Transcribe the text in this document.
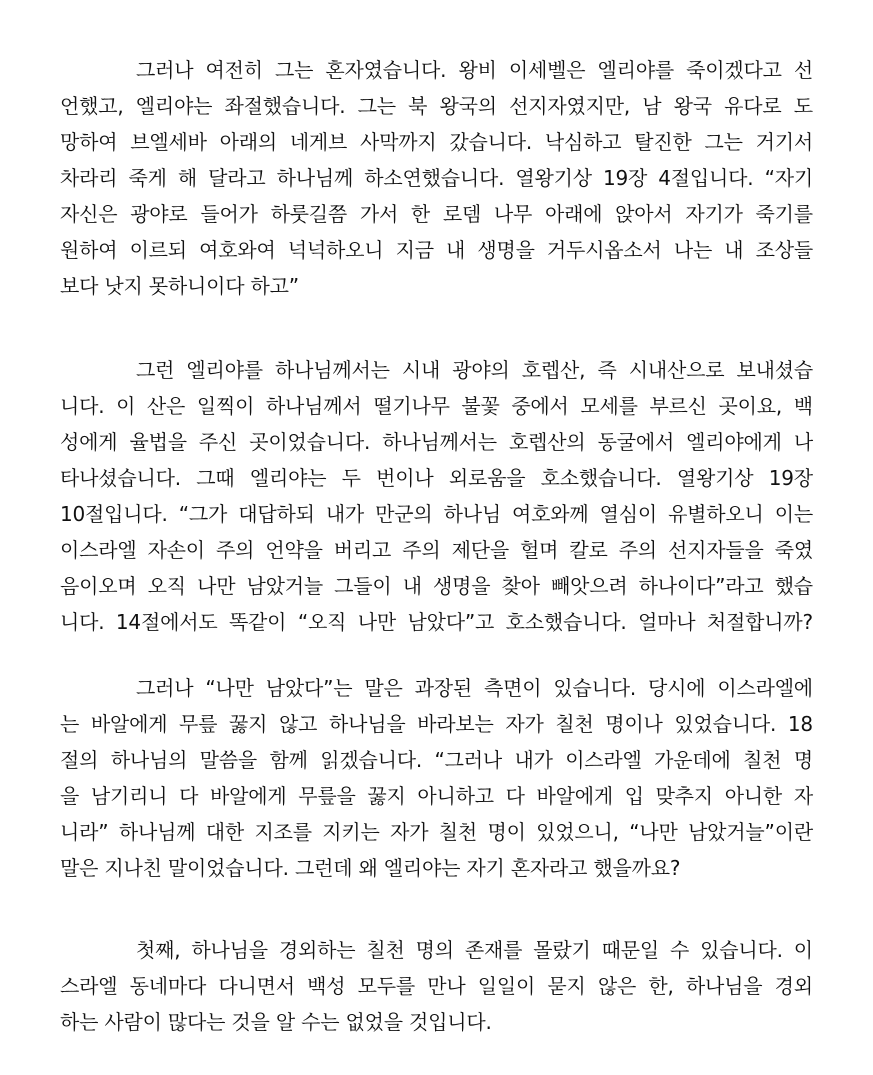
그러나 여전히 그는 혼자였습니다. 왕비 이세벨은 엘리야를 죽이겠다고 선
언했고, 엘리야는 좌절했습니다. 그는 북 왕국의 선지자였지만, 남 왕국 유다로 도
망하여 브엘세바 아래의 네게브 사막까지 갔습니다. 낙심하고 탈진한 그는 거기서
차라리 죽게 해 달라고 하나님께 하소연했습니다. 열왕기상 19장 4절입니다. “자기
자신은 광야로 들어가 하룻길쯤 가서 한 로뎀 나무 아래에 앉아서 자기가 죽기를
원하여 이르되 여호와여 넉넉하오니 지금 내 생명을 거두시옵소서 나는 내 조상들
보다 낫지 못하니이다 하고”
그런 엘리야를 하나님께서는 시내 광야의 호렙산, 즉 시내산으로 보내셨습
니다. 이 산은 일찍이 하나님께서 떨기나무 불꽃 중에서 모세를 부르신 곳이요, 백
성에게 율법을 주신 곳이었습니다. 하나님께서는 호렙산의 동굴에서 엘리야에게 나
타나셨습니다. 그때 엘리야는 두 번이나 외로움을 호소했습니다. 열왕기상 19장
10절입니다. “그가 대답하되 내가 만군의 하나님 여호와께 열심이 유별하오니 이는
이스라엘 자손이 주의 언약을 버리고 주의 제단을 헐며 칼로 주의 선지자들을 죽였
음이오며 오직 나만 남았거늘 그들이 내 생명을 찾아 빼앗으려 하나이다”라고 했습
니다. 14절에서도 똑같이 “오직 나만 남았다”고 호소했습니다. 얼마나 처절합니까?
그러나 “나만 남았다”는 말은 과장된 측면이 있습니다. 당시에 이스라엘에
는 바알에게 무릎 꿇지 않고 하나님을 바라보는 자가 칠천 명이나 있었습니다. 18
절의 하나님의 말씀을 함께 읽겠습니다. “그러나 내가 이스라엘 가운데에 칠천 명
을 남기리니 다 바알에게 무릎을 꿇지 아니하고 다 바알에게 입 맞추지 아니한 자
니라” 하나님께 대한 지조를 지키는 자가 칠천 명이 있었으니, “나만 남았거늘”이란
말은 지나친 말이었습니다. 그런데 왜 엘리야는 자기 혼자라고 했을까요?
첫째, 하나님을 경외하는 칠천 명의 존재를 몰랐기 때문일 수 있습니다. 이
스라엘 동네마다 다니면서 백성 모두를 만나 일일이 묻지 않은 한, 하나님을 경외
하는 사람이 많다는 것을 알 수는 없었을 것입니다.
